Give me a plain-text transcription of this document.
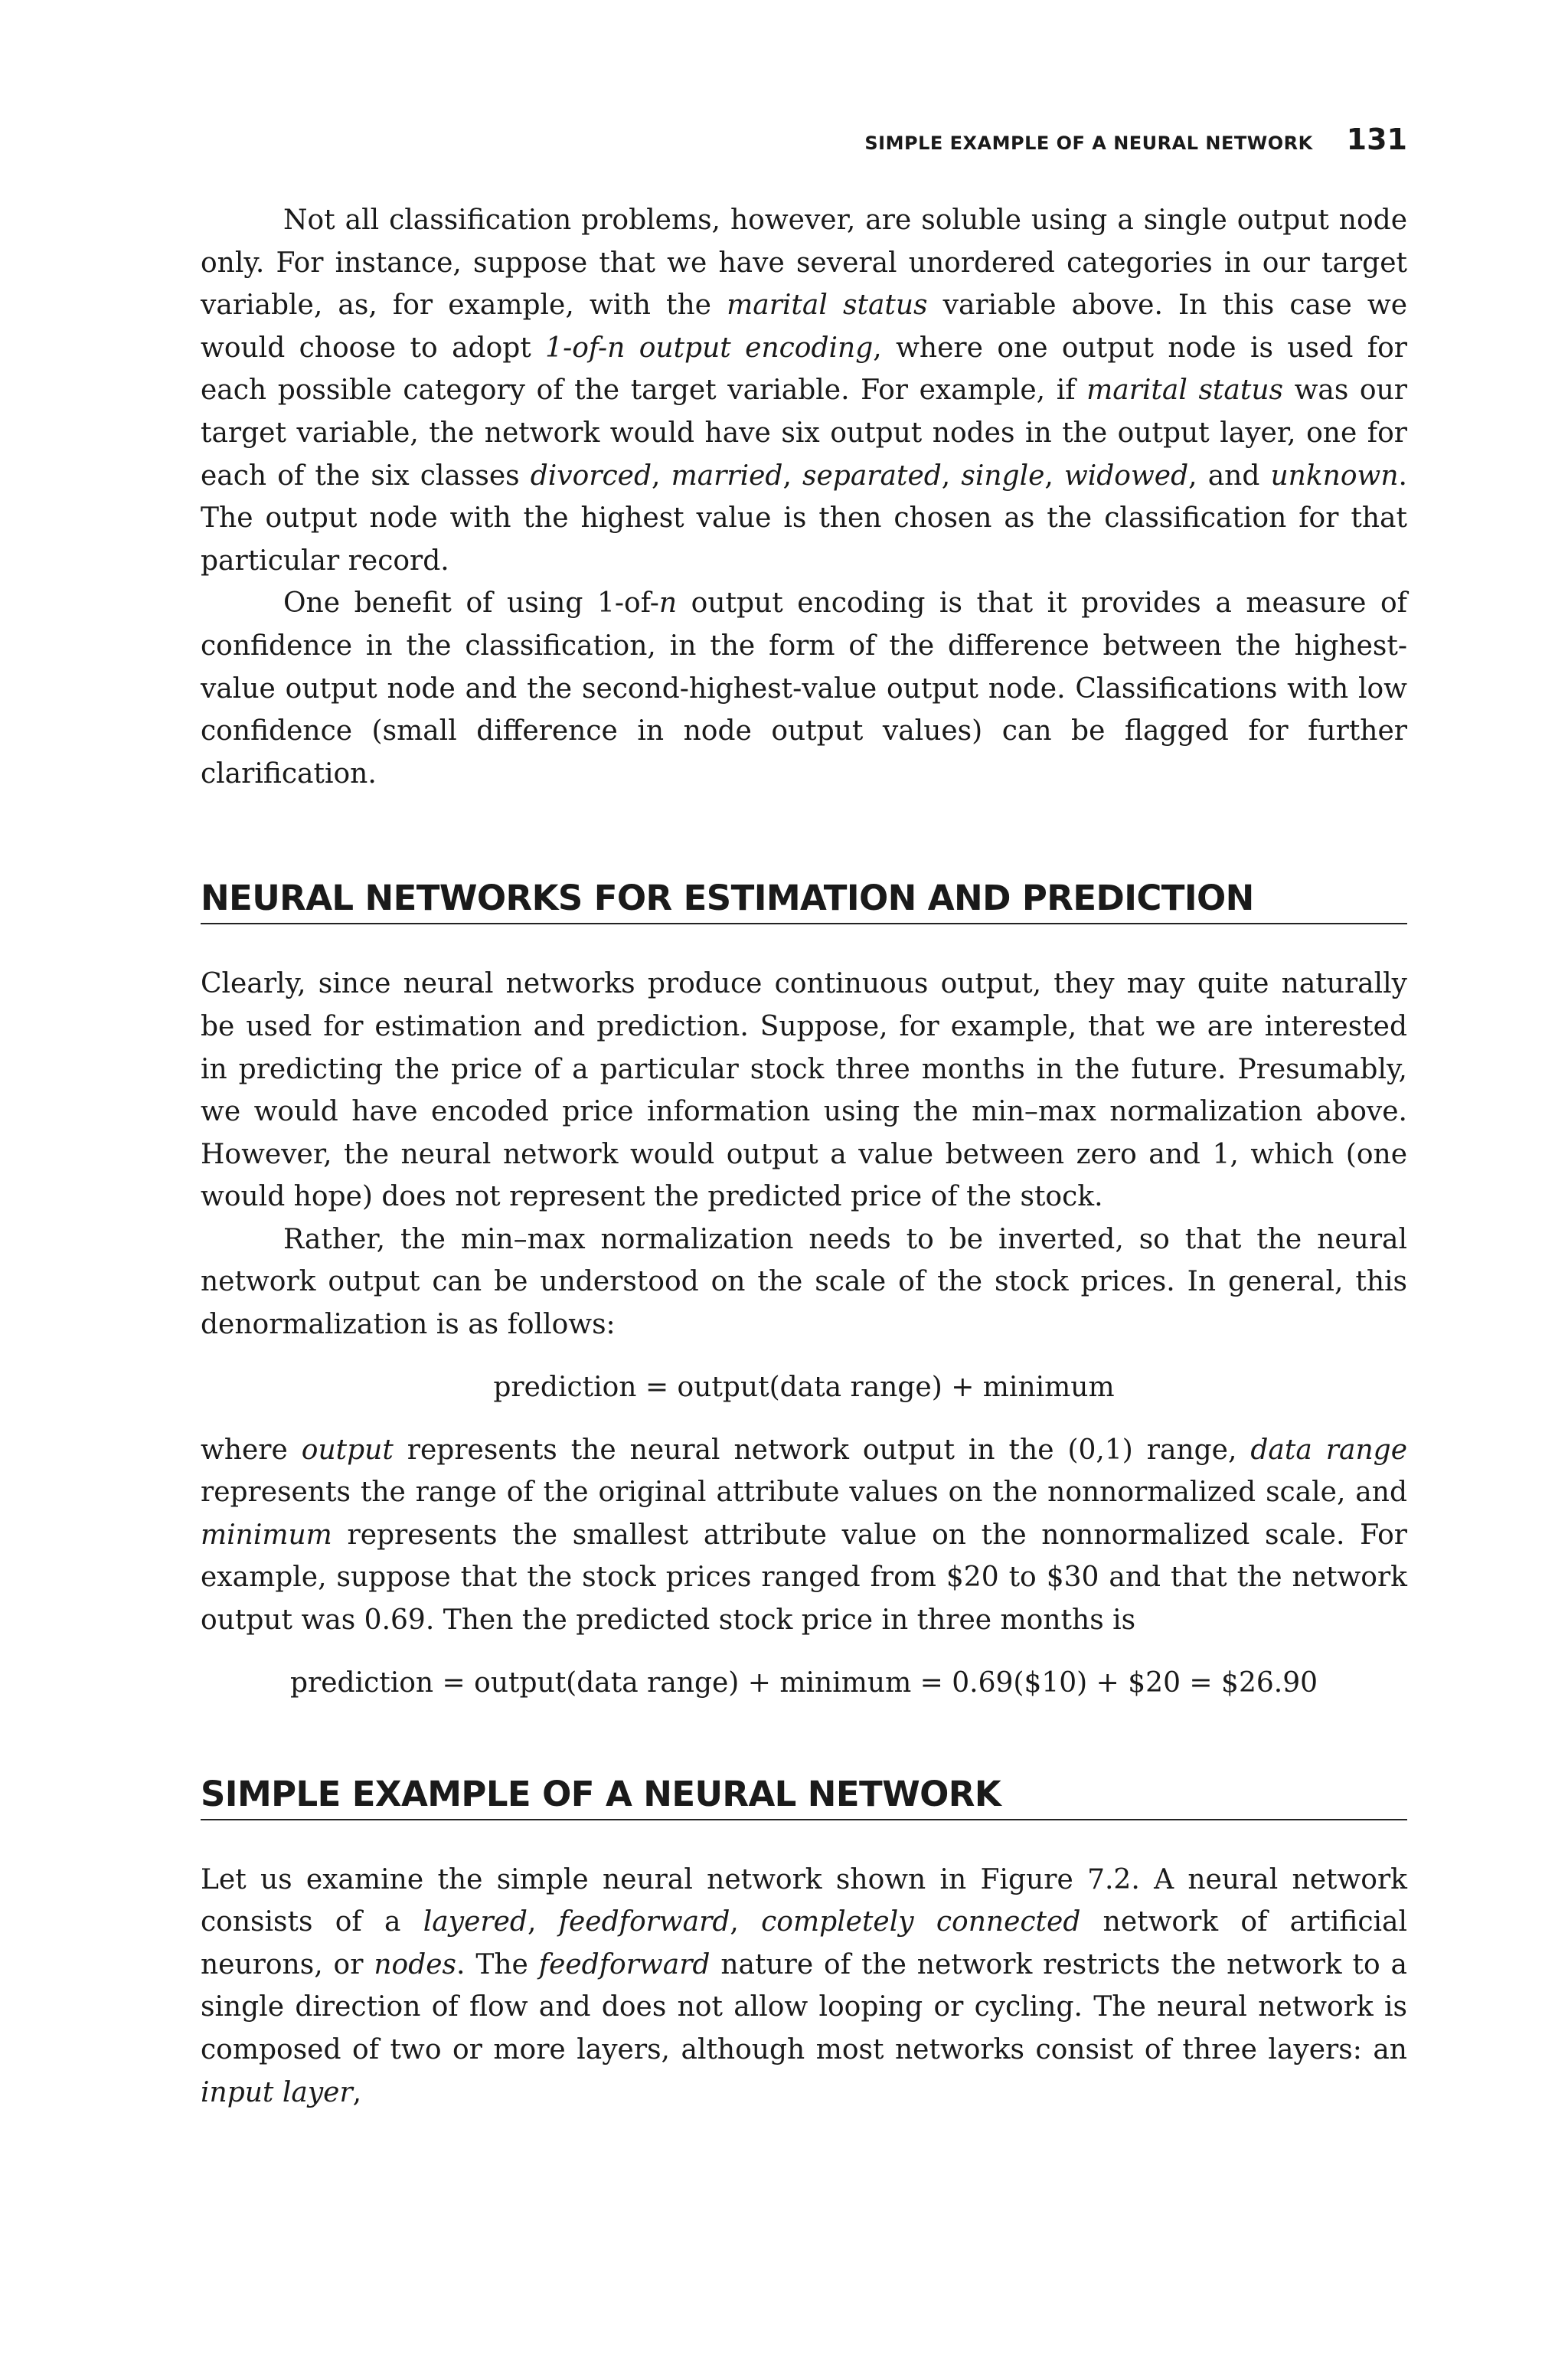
SIMPLE EXAMPLE OF A NEURAL NETWORK 131

Not all classification problems, however, are soluble using a single output node only. For instance, suppose that we have several unordered categories in our target variable, as, for example, with the marital status variable above. In this case we would choose to adopt 1-of-n output encoding, where one output node is used for each possible category of the target variable. For example, if marital status was our target variable, the network would have six output nodes in the output layer, one for each of the six classes divorced, married, separated, single, widowed, and unknown. The output node with the highest value is then chosen as the classification for that particular record.

One benefit of using 1-of-n output encoding is that it provides a measure of confidence in the classification, in the form of the difference between the highest-value output node and the second-highest-value output node. Classifications with low confidence (small difference in node output values) can be flagged for further clarification.

NEURAL NETWORKS FOR ESTIMATION AND PREDICTION

Clearly, since neural networks produce continuous output, they may quite naturally be used for estimation and prediction. Suppose, for example, that we are interested in predicting the price of a particular stock three months in the future. Presumably, we would have encoded price information using the min–max normalization above. However, the neural network would output a value between zero and 1, which (one would hope) does not represent the predicted price of the stock.

Rather, the min–max normalization needs to be inverted, so that the neural network output can be understood on the scale of the stock prices. In general, this denormalization is as follows:

prediction = output(data range) + minimum

where output represents the neural network output in the (0,1) range, data range represents the range of the original attribute values on the nonnormalized scale, and minimum represents the smallest attribute value on the nonnormalized scale. For example, suppose that the stock prices ranged from $20 to $30 and that the network output was 0.69. Then the predicted stock price in three months is

prediction = output(data range) + minimum = 0.69($10) + $20 = $26.90
SIMPLE EXAMPLE OF A NEURAL NETWORK

Let us examine the simple neural network shown in Figure 7.2. A neural network consists of a layered, feedforward, completely connected network of artificial neurons, or nodes. The feedforward nature of the network restricts the network to a single direction of flow and does not allow looping or cycling. The neural network is composed of two or more layers, although most networks consist of three layers: an input layer,
